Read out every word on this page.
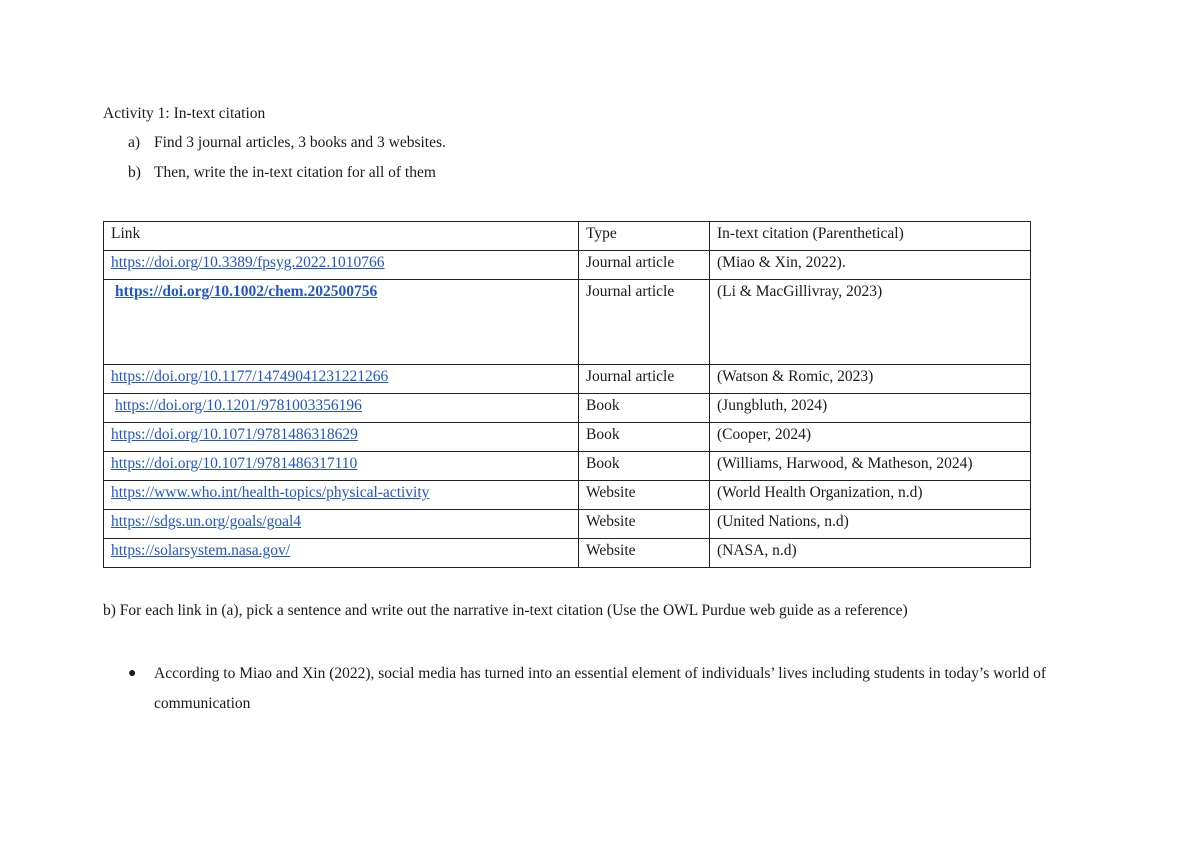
Activity 1: In-text citation
a) Find 3 journal articles, 3 books and 3 websites.
b) Then, write the in-text citation for all of them
Link	Type	In-text citation (Parenthetical)
https://doi.org/10.3389/fpsyg.2022.1010766	Journal article	(Miao & Xin, 2022).
https://doi.org/10.1002/chem.202500756	Journal article	(Li & MacGillivray, 2023)
https://doi.org/10.1177/14749041231221266	Journal article	(Watson & Romic, 2023)
https://doi.org/10.1201/9781003356196	Book	(Jungbluth, 2024)
https://doi.org/10.1071/9781486318629	Book	(Cooper, 2024)
https://doi.org/10.1071/9781486317110	Book	(Williams, Harwood, & Matheson, 2024)
https://www.who.int/health-topics/physical-activity	Website	(World Health Organization, n.d)
https://sdgs.un.org/goals/goal4	Website	(United Nations, n.d)
https://solarsystem.nasa.gov/	Website	(NASA, n.d)
b) For each link in (a), pick a sentence and write out the narrative in-text citation (Use the OWL Purdue web guide as a reference)
●	According to Miao and Xin (2022), social media has turned into an essential element of individuals’ lives including students in today’s world of communication
